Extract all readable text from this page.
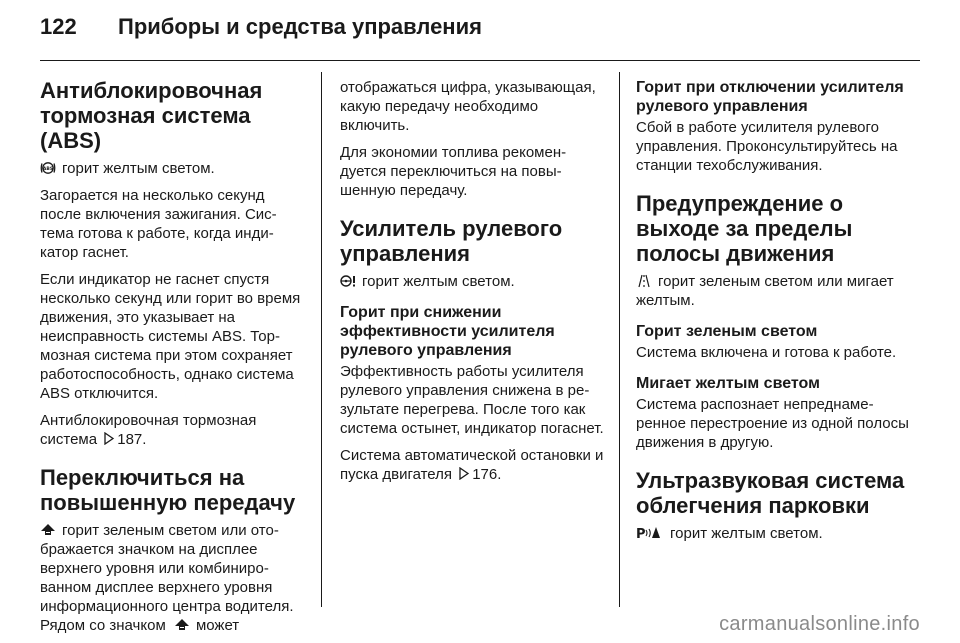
122 Приборы и средства управления
Антиблокировочная тормозная система (ABS)

ABS горит желтым светом.

Загорается на несколько секунд после включения зажигания. Система готова к работе, когда индикатор гаснет.

Если индикатор не гаснет спустя несколько секунд или горит во время движения, это указывает на неисправность системы ABS. Тормозная система при этом сохраняет работоспособность, однако система ABS отключится.

Антиблокировочная тормозная система 187.

Переключиться на повышенную передачу

горит зеленым светом или отображается значком на дисплее верхнего уровня или комбинированном дисплее верхнего уровня информационного центра водителя. Рядом со значком может

отображаться цифра, указывающая, какую передачу необходимо включить.

Для экономии топлива рекомендуется переключиться на повышенную передачу.

Усилитель рулевого управления

горит желтым светом.

Горит при снижении эффективности усилителя рулевого управления

Эффективность работы усилителя рулевого управления снижена в результате перегрева. После того как система остынет, индикатор погаснет.

Система автоматической остановки и пуска двигателя 176.

Горит при отключении усилителя рулевого управления

Сбой в работе усилителя рулевого управления. Проконсультируйтесь на станции техобслуживания.

Предупреждение о выходе за пределы полосы движения

горит зеленым светом или мигает желтым.

Горит зеленым светом

Система включена и готова к работе.

Мигает желтым светом

Система распознает непреднамеренное перестроение из одной полосы движения в другую.

Ультразвуковая система облегчения парковки

P горит желтым светом.

carmanualsonline.info
